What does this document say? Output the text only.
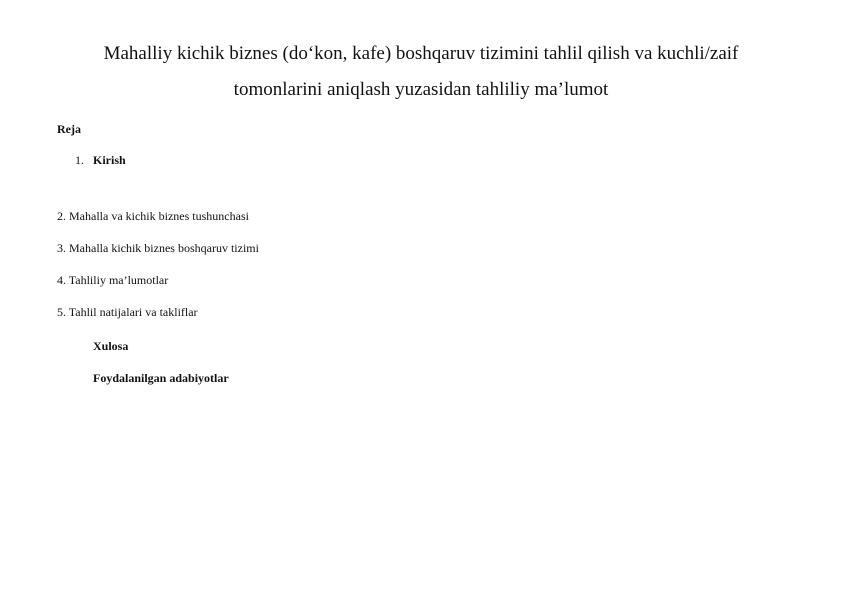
Mahalliy kichik biznes (do‘kon, kafe) boshqaruv tizimini tahlil qilish va kuchli/zaif
tomonlarini aniqlash yuzasidan tahliliy ma’lumot
Reja
1. Kirish
2. Mahalla va kichik biznes tushunchasi
3. Mahalla kichik biznes boshqaruv tizimi
4. Tahliliy ma’lumotlar
5. Tahlil natijalari va takliflar
Xulosa
Foydalanilgan adabiyotlar
